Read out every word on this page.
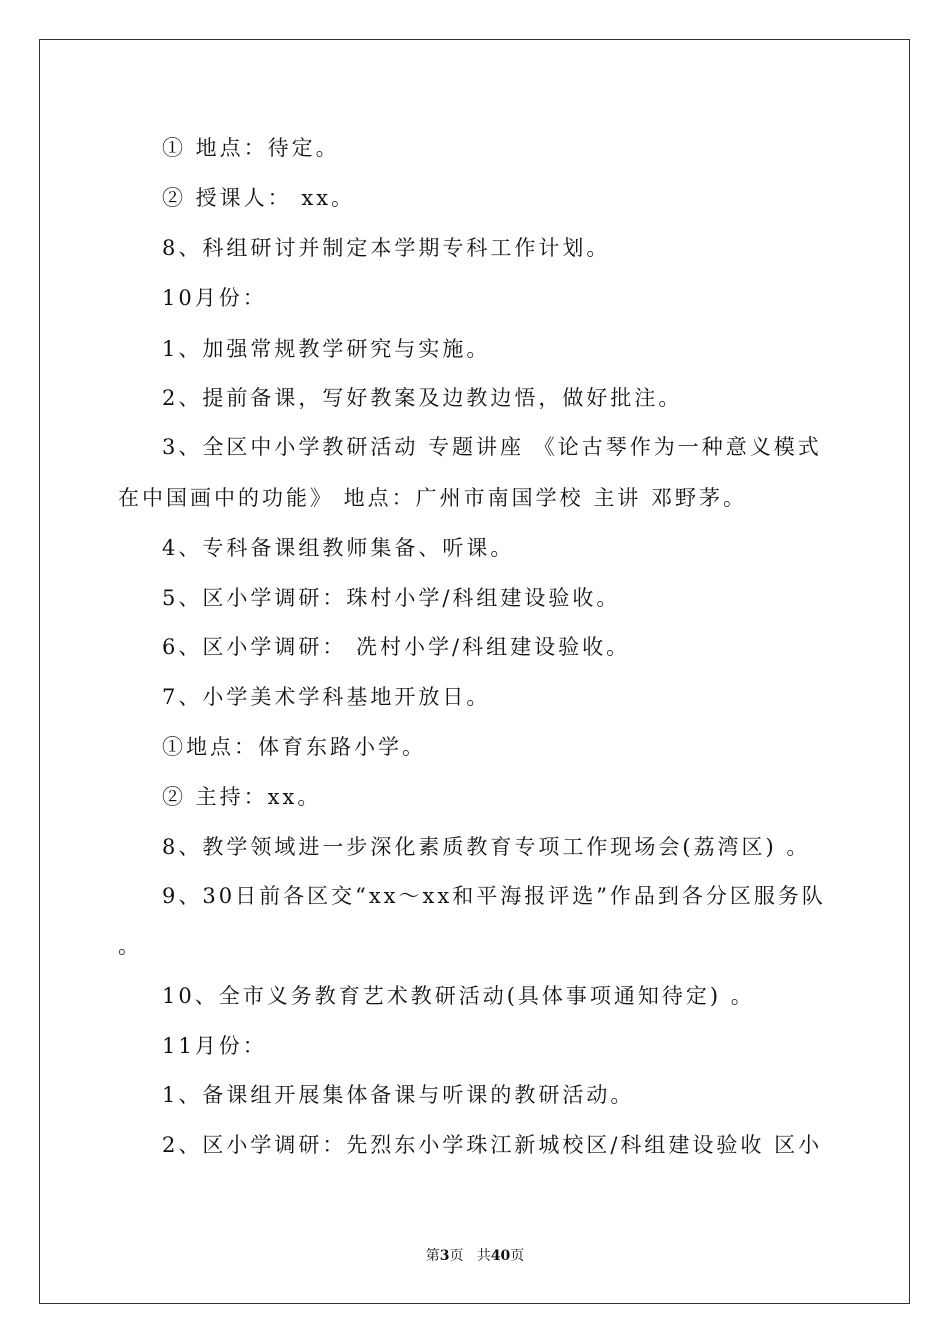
① 地点：待定。
② 授课人： xx。
8、科组研讨并制定本学期专科工作计划。
10月份：
1、加强常规教学研究与实施。
2、提前备课，写好教案及边教边悟，做好批注。
3、全区中小学教研活动 专题讲座 《论古琴作为一种意义模式
在中国画中的功能》 地点：广州市南国学校 主讲 邓野茅。
4、专科备课组教师集备、听课。
5、区小学调研：珠村小学/科组建设验收。
6、区小学调研： 冼村小学/科组建设验收。
7、小学美术学科基地开放日。
①地点：体育东路小学。
② 主持：xx。
8、教学领域进一步深化素质教育专项工作现场会(荔湾区) 。
9、30日前各区交“xx～xx和平海报评选”作品到各分区服务队
。
10、全市义务教育艺术教研活动(具体事项通知待定) 。
11月份：
1、备课组开展集体备课与听课的教研活动。
2、区小学调研：先烈东小学珠江新城校区/科组建设验收 区小
第3页 共40页
